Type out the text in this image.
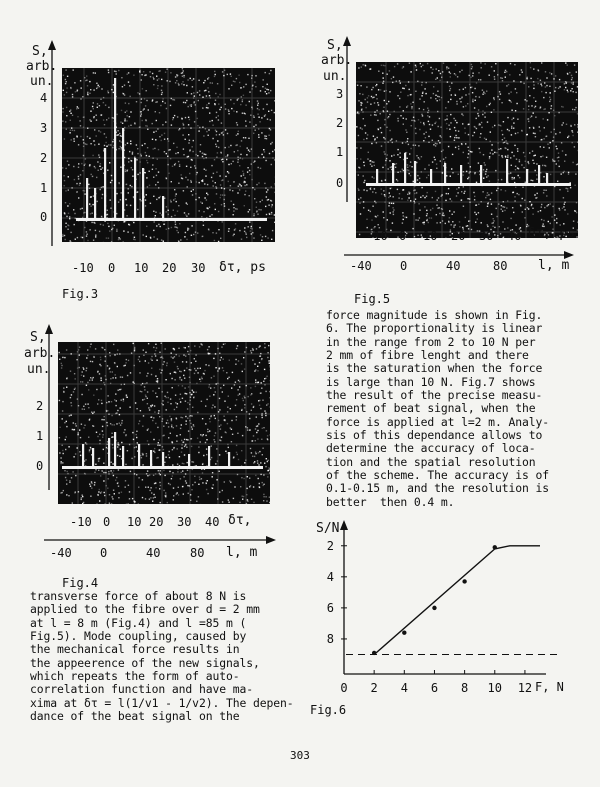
S,
arb.
un.
4
3
2
1
0
-10 0 10 20 30 δτ, ps
Fig.3
S,
arb.
un.
3
2
1
0
-10 0 10 20 30 40 δτ, ps
-40 0	40	80 l, m
Fig.5
force magnitude is shown in Fig.
6. The proportionality is linear
in the range from 2 to 10 N per
2 mm of fibre lenght and there
is the saturation when the force
is large than 10 N. Fig.7 shows
the result of the precise measu-
rement of beat signal, when the
force is applied at l=2 m. Analy-
sis of this dependance allows to
determine the accuracy of loca-
tion and the spatial resolution
of the scheme. The accuracy is of
0.1-0.15 m, and the resolution is
better  then 0.4 m.
S,
arb.
un.
2
1
0
-10 0 10 20 30 40 δτ,
-40 0	40 80 l, m
Fig.4
transverse force of about 8 N is
applied to the fibre over d = 2 mm
at l = 8 m (Fig.4) and l =85 m (
Fig.5). Mode coupling, caused by
the mechanical force results in
the appeerence of the new signals,
which repeats the form of auto-
correlation function and have ma-
xima at δτ = l(1/v1 - 1/v2). The depen-
dance of the beat signal on the
S/N
8
6
4
2
0 2 4 6 8 10 12 F, N
Fig.6
303
